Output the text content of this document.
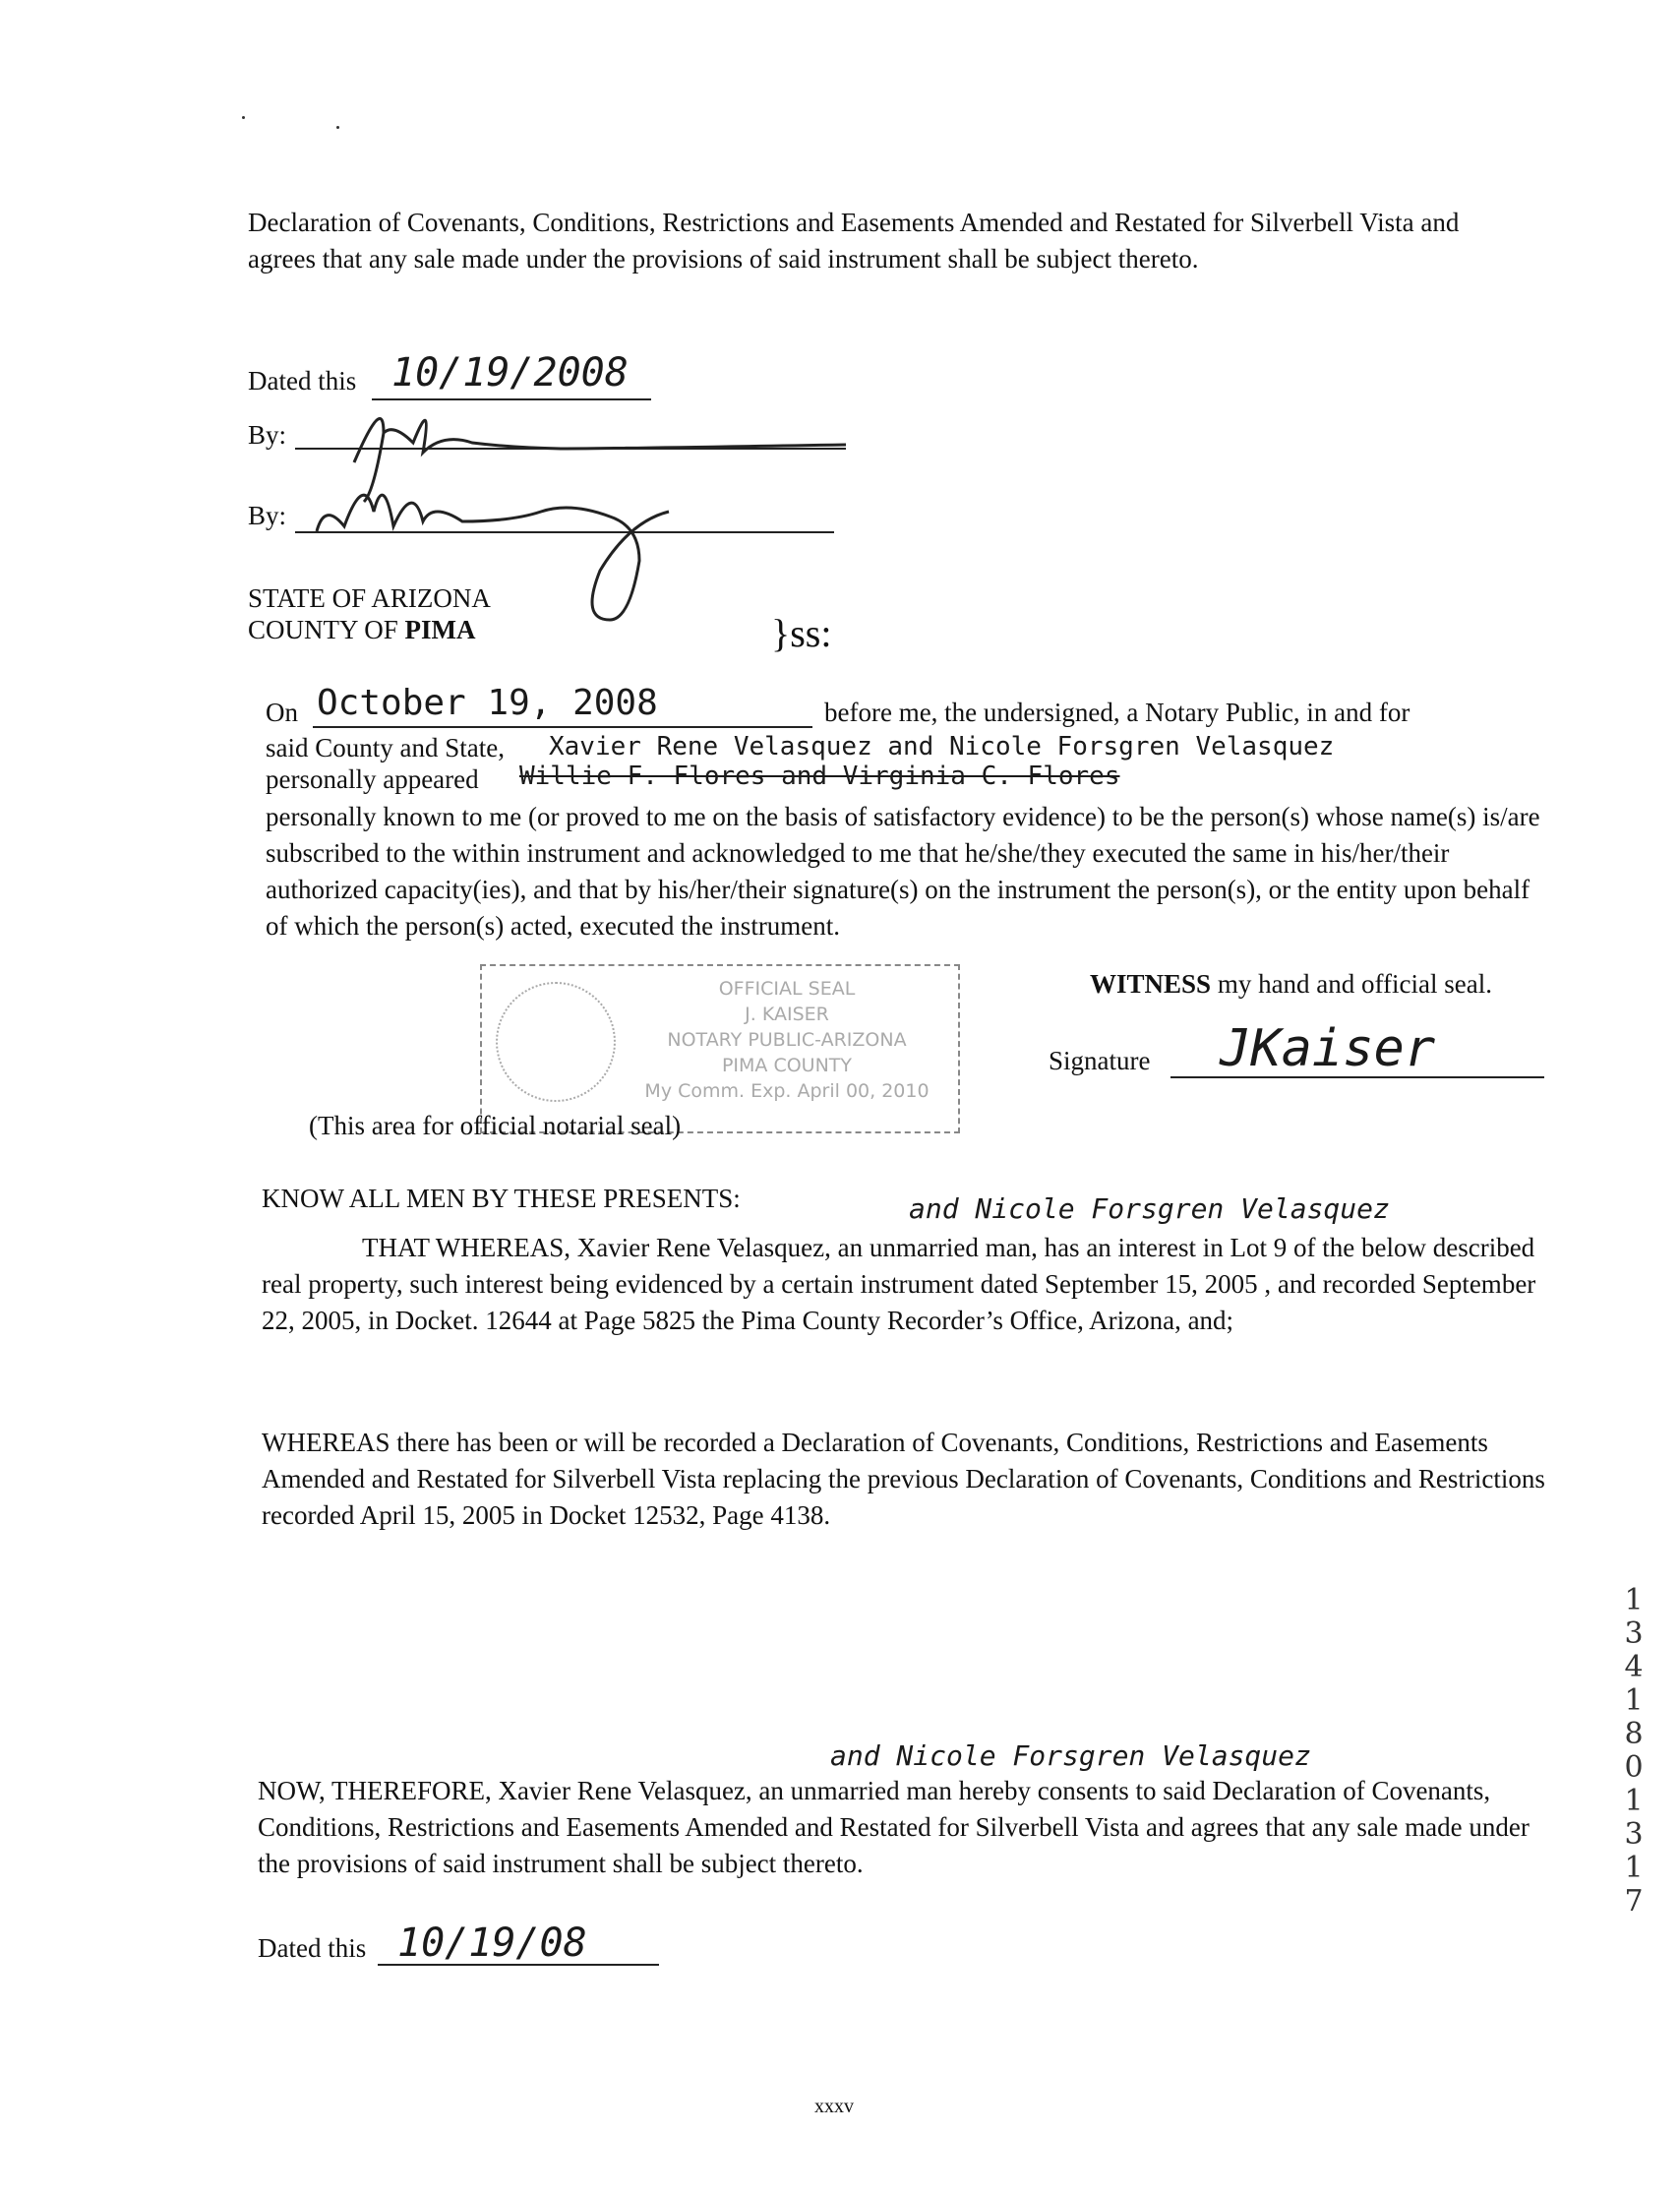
Declaration of Covenants, Conditions, Restrictions and Easements Amended and Restated for Silverbell Vista and agrees that any sale made under the provisions of said instrument shall be subject thereto.
Dated this 10/19/2008
By:
By:
STATE OF ARIZONA
COUNTY OF PIMA	}ss:
On October 19, 2008	before me, the undersigned, a Notary Public, in and for
said County and State, Xavier Rene Velasquez and Nicole Forsgren Velasquez
personally appeared Willie F. Flores and Virginia C. Flores
personally known to me (or proved to me on the basis of satisfactory evidence) to be the person(s) whose name(s) is/are subscribed to the within instrument and acknowledged to me that he/she/they executed the same in his/her/their authorized capacity(ies), and that by his/her/their signature(s) on the instrument the person(s), or the entity upon behalf of which the person(s) acted, executed the instrument.
OFFICIAL SEAL
J. KAISER
NOTARY PUBLIC-ARIZONA
PIMA COUNTY
My Comm. Exp. April 00, 2010
(This area for official notarial seal)
WITNESS my hand and official seal.
Signature JKaiser
KNOW ALL MEN BY THESE PRESENTS:	and Nicole Forsgren Velasquez
THAT WHEREAS, Xavier Rene Velasquez, an unmarried man, has an interest in Lot 9 of the below described real property, such interest being evidenced by a certain instrument dated September 15, 2005 , and recorded September 22, 2005, in Docket. 12644 at Page 5825 the Pima County Recorder’s Office, Arizona, and;
WHEREAS there has been or will be recorded a Declaration of Covenants, Conditions, Restrictions and Easements Amended and Restated for Silverbell Vista replacing the previous Declaration of Covenants, Conditions and Restrictions recorded April 15, 2005 in Docket 12532, Page 4138.
13418 01317
and Nicole Forsgren Velasquez
NOW, THEREFORE, Xavier Rene Velasquez, an unmarried man hereby consents to said Declaration of Covenants, Conditions, Restrictions and Easements Amended and Restated for Silverbell Vista and agrees that any sale made under the provisions of said instrument shall be subject thereto.
Dated this 10/19/08
xxxv
